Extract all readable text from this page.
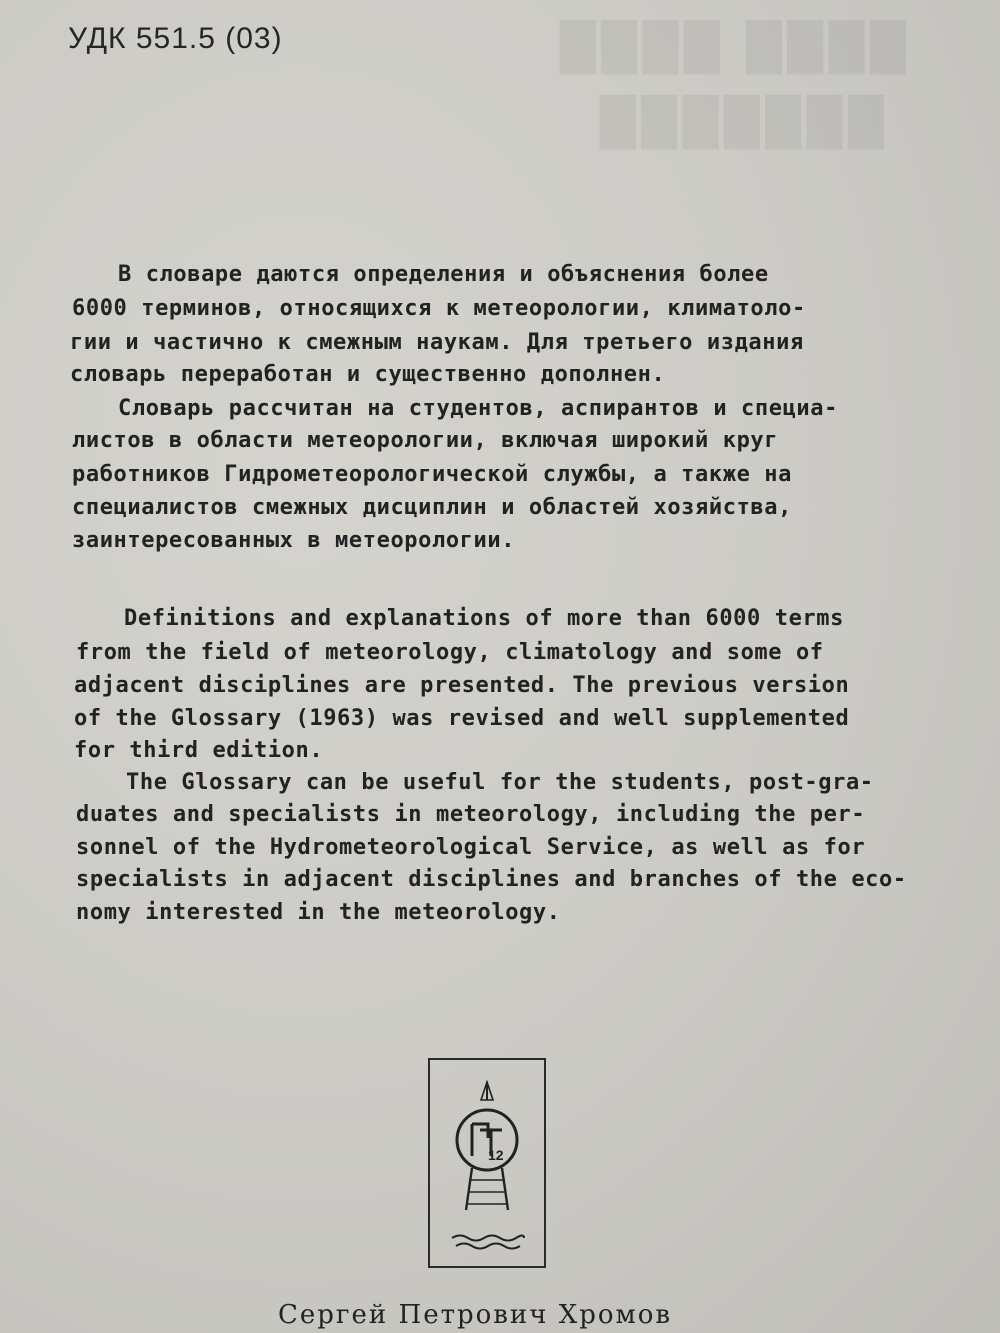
████ ████
███████
УДК 551.5 (03)
В словаре даются определения и объяснения более
6000 терминов, относящихся к метеорологии, климатоло-
гии и частично к смежным наукам. Для третьего издания
словарь переработан и существенно дополнен.
Словарь рассчитан на студентов, аспирантов и специа-
листов в области метеорологии, включая широкий круг
работников Гидрометеорологической службы, а также на
специалистов смежных дисциплин и областей хозяйства,
заинтересованных в метеорологии.
Definitions and explanations of more than 6000 terms
from the field of meteorology, climatology and some of
adjacent disciplines are presented. The previous version
of the Glossary (1963) was revised and well supplemented
for third edition.
The Glossary can be useful for the students, post-gra-
duates and specialists in meteorology, including the per-
sonnel of the Hydrometeorological Service, as well as for
specialists in adjacent disciplines and branches of the eco-
nomy interested in the meteorology.
12
Сергей Петрович Хромов
